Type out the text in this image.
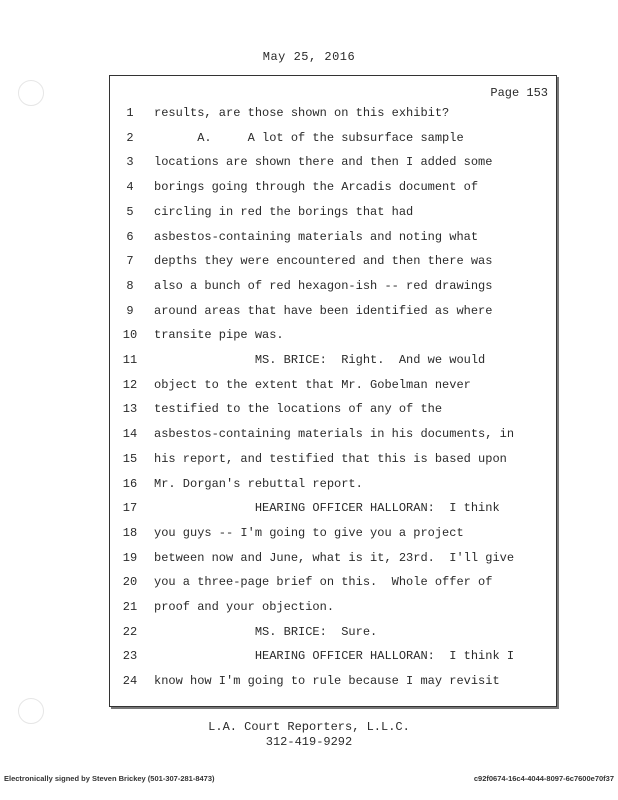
May 25, 2016
Page 153
1	results, are those shown on this exhibit?
2	A.     A lot of the subsurface sample
3	locations are shown there and then I added some
4	borings going through the Arcadis document of
5	circling in red the borings that had
6	asbestos-containing materials and noting what
7	depths they were encountered and then there was
8	also a bunch of red hexagon-ish -- red drawings
9	around areas that have been identified as where
10 transite pipe was.
11 MS. BRICE:  Right.  And we would
12 object to the extent that Mr. Gobelman never
13 testified to the locations of any of the
14 asbestos-containing materials in his documents, in
15 his report, and testified that this is based upon
16 Mr. Dorgan's rebuttal report.
17 HEARING OFFICER HALLORAN:  I think
18 you guys -- I'm going to give you a project
19 between now and June, what is it, 23rd.  I'll give
20 you a three-page brief on this.  Whole offer of
21 proof and your objection.
22 MS. BRICE:  Sure.
23 HEARING OFFICER HALLORAN:  I think I
24 know how I'm going to rule because I may revisit
L.A. Court Reporters, L.L.C.
312-419-9292
Electronically signed by Steven Brickey (501-307-281-8473)	c92f0674-16c4-4044-8097-6c7600e70f37
